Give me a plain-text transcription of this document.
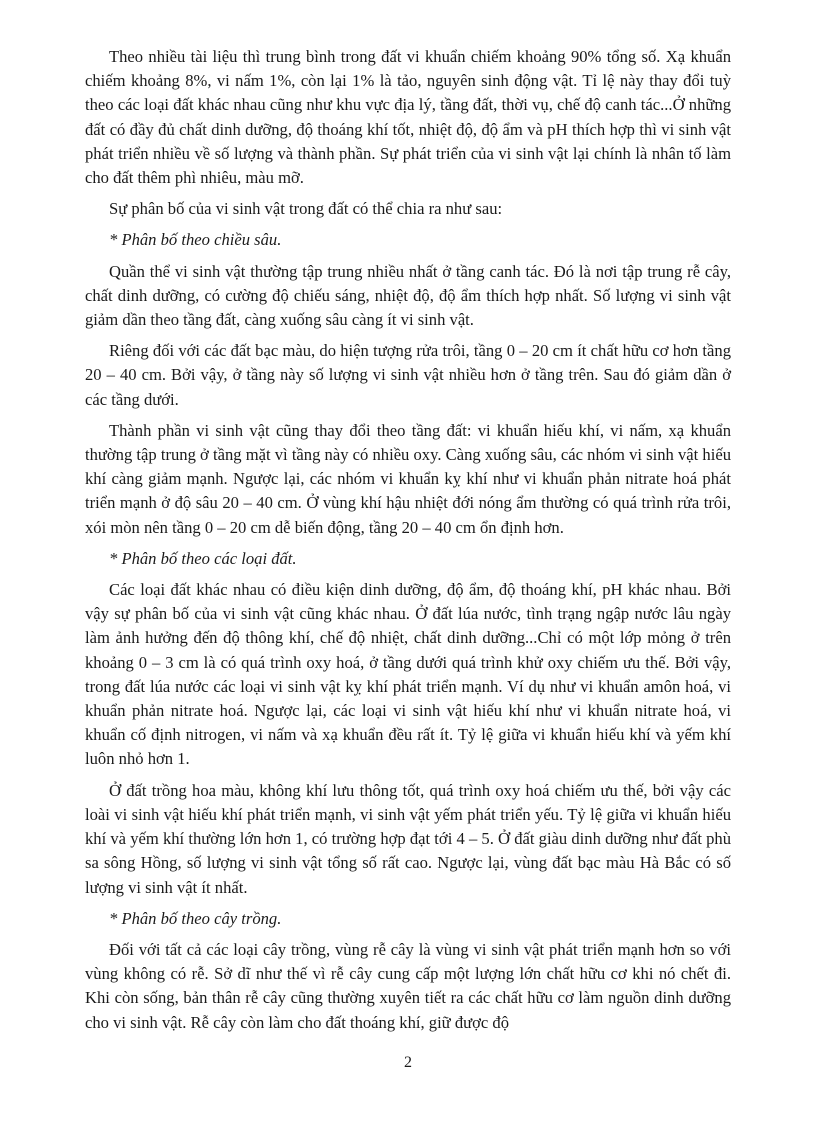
Theo nhiều tài liệu thì trung bình trong đất vi khuẩn chiếm khoảng 90% tổng số. Xạ khuẩn chiếm khoảng 8%, vi nấm 1%, còn lại 1% là tảo, nguyên sinh động vật. Tỉ lệ này thay đổi tuỳ theo các loại đất khác nhau cũng như khu vực địa lý, tầng đất, thời vụ, chế độ canh tác...Ở những đất có đầy đủ chất dinh dưỡng, độ thoáng khí tốt, nhiệt độ, độ ẩm và pH thích hợp thì vi sinh vật phát triển nhiều về số lượng và thành phần. Sự phát triển của vi sinh vật lại chính là nhân tố làm cho đất thêm phì nhiêu, màu mỡ.

Sự phân bố của vi sinh vật trong đất có thể chia ra như sau:

* Phân bố theo chiều sâu.

Quần thể vi sinh vật thường tập trung nhiều nhất ở tầng canh tác. Đó là nơi tập trung rễ cây, chất dinh dưỡng, có cường độ chiếu sáng, nhiệt độ, độ ẩm thích hợp nhất. Số lượng vi sinh vật giảm dần theo tầng đất, càng xuống sâu càng ít vi sinh vật.

Riêng đối với các đất bạc màu, do hiện tượng rửa trôi, tầng 0 – 20 cm ít chất hữu cơ hơn tầng 20 – 40 cm. Bởi vậy, ở tầng này số lượng vi sinh vật nhiều hơn ở tầng trên. Sau đó giảm dần ở các tầng dưới.

Thành phần vi sinh vật cũng thay đổi theo tầng đất: vi khuẩn hiếu khí, vi nấm, xạ khuẩn thường tập trung ở tầng mặt vì tầng này có nhiều oxy. Càng xuống sâu, các nhóm vi sinh vật hiếu khí càng giảm mạnh. Ngược lại, các nhóm vi khuẩn kỵ khí như vi khuẩn phản nitrate hoá phát triển mạnh ở độ sâu 20 – 40 cm. Ở vùng khí hậu nhiệt đới nóng ẩm thường có quá trình rửa trôi, xói mòn nên tầng 0 – 20 cm dễ biến động, tầng 20 – 40 cm ổn định hơn.

* Phân bố theo các loại đất.

Các loại đất khác nhau có điều kiện dinh dưỡng, độ ẩm, độ thoáng khí, pH khác nhau. Bởi vậy sự phân bố của vi sinh vật cũng khác nhau. Ở đất lúa nước, tình trạng ngập nước lâu ngày làm ảnh hưởng đến độ thông khí, chế độ nhiệt, chất dinh dưỡng...Chỉ có một lớp mỏng ở trên khoảng 0 – 3 cm là có quá trình oxy hoá, ở tầng dưới quá trình khử oxy chiếm ưu thế. Bởi vậy, trong đất lúa nước các loại vi sinh vật kỵ khí phát triển mạnh. Ví dụ như vi khuẩn amôn hoá, vi khuẩn phản nitrate hoá. Ngược lại, các loại vi sinh vật hiếu khí như vi khuẩn nitrate hoá, vi khuẩn cố định nitrogen, vi nấm và xạ khuẩn đều rất ít. Tỷ lệ giữa vi khuẩn hiếu khí và yếm khí luôn nhỏ hơn 1.

Ở đất trồng hoa màu, không khí lưu thông tốt, quá trình oxy hoá chiếm ưu thế, bởi vậy các loài vi sinh vật hiếu khí phát triển mạnh, vi sinh vật yếm phát triển yếu. Tỷ lệ giữa vi khuẩn hiếu khí và yếm khí thường lớn hơn 1, có trường hợp đạt tới 4 – 5. Ở đất giàu dinh dưỡng như đất phù sa sông Hồng, số lượng vi sinh vật tổng số rất cao. Ngược lại, vùng đất bạc màu Hà Bắc có số lượng vi sinh vật ít nhất.

* Phân bố theo cây trồng.

Đối với tất cả các loại cây trồng, vùng rễ cây là vùng vi sinh vật phát triển mạnh hơn so với vùng không có rễ. Sở dĩ như thế vì rễ cây cung cấp một lượng lớn chất hữu cơ khi nó chết đi. Khi còn sống, bản thân rễ cây cũng thường xuyên tiết ra các chất hữu cơ làm nguồn dinh dưỡng cho vi sinh vật. Rễ cây còn làm cho đất thoáng khí, giữ được độ

2
